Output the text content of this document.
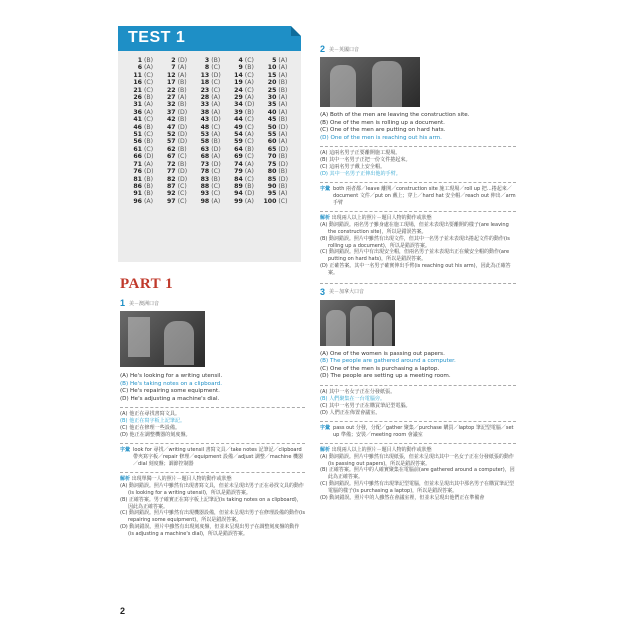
TEST 1
1 (B)	2 (D)	3 (B)	4 (C)	5 (A)
6 (A)	7 (A)	8 (C)	9 (B)	10 (A)
11 (C)	12 (A)	13 (D)	14 (C)	15 (A)
16 (C)	17 (B)	18 (C)	19 (A)	20 (B)
21 (C)	22 (B)	23 (C)	24 (C)	25 (B)
26 (B)	27 (A)	28 (A)	29 (A)	30 (A)
31 (A)	32 (B)	33 (A)	34 (D)	35 (A)
36 (A)	37 (D)	38 (A)	39 (B)	40 (A)
41 (C)	42 (B)	43 (D)	44 (C)	45 (B)
46 (B)	47 (D)	48 (C)	49 (C)	50 (D)
51 (C)	52 (D)	53 (A)	54 (A)	55 (A)
56 (B)	57 (D)	58 (B)	59 (C)	60 (A)
61 (C)	62 (B)	63 (D)	64 (B)	65 (D)
66 (D)	67 (C)	68 (A)	69 (C)	70 (B)
71 (A)	72 (B)	73 (D)	74 (A)	75 (D)
76 (D)	77 (D)	78 (C)	79 (A)	80 (B)
81 (B)	82 (D)	83 (B)	84 (C)	85 (D)
86 (B)	87 (C)	88 (C)	89 (B)	90 (B)
91 (B)	92 (C)	93 (C)	94 (D)	95 (A)
96 (A)	97 (C)	98 (A)	99 (A) 100 (C)
PART 1
1 美－澳洲口音
(A) He's looking for a writing utensil.
(B) He's taking notes on a clipboard.
(C) He's repairing some equipment.
(D) He's adjusting a machine's dial.
(A) 他正在尋找書寫文具。
(B) 他正在寫字板上記筆記。
(C) 他正在修理一些設備。
(D) 他正在調整機器的刻度盤。
字彙 look for 尋找／writing utensil 書寫文具／take notes 記筆記／clipboard 帶夾寫字板／repair 修理／equipment 設備／adjust 調整／machine 機器／dial 刻度盤；調節控制器
解析 出現單獨一人的照片－題目人物的動作或狀態
(A) 動詞錯誤。照片中雖然有出現書寫文具，但並未呈現出男子正在尋找文具的動作(is looking for a writing utensil)，所以是錯誤答案。
(B) 正確答案。男子確實正在寫字板上記筆記(is taking notes on a clipboard)，因此為正確答案。
(C) 動詞錯誤。照片中雖然有出現機器設備，但並未呈現出男子在修理設備的動作(is repairing some equipment)，所以是錯誤答案。
(D) 動詞錯誤。照片中雖然有出現刻度盤，但並未呈現出男子在調整刻度盤的動作(is adjusting a machine's dial)，所以是錯誤答案。
2 美－英國口音
(A) Both of the men are leaving the construction site.
(B) One of the men is rolling up a document.
(C) One of the men are putting on hard hats.
(D) One of the men is reaching out his arm.
(A) 這兩名男子正要離開施工現場。
(B) 其中一名男子正把一份文件捲起來。
(C) 這兩名男子戴上安全帽。
(D) 其中一名男子正伸出他的手臂。
字彙 both 兩者都／leave 離開／construction site 施工現場／roll up 把…捲起來／document 文件／put on 戴上；穿上／hard hat 安全帽／reach out 伸出／arm 手臂
解析 出現兩人以上的照片－題目人物的動作或狀態
(A) 動詞錯誤。兩名男子雖身處在施工現場，但並未表現出要離開的樣子(are leaving the construction site)，所以是錯誤答案。
(B) 動詞錯誤。照片中雖然有出現文件，但其中一名男子並未表現出捲起文件的動作(is rolling up a document)，所以是錯誤答案。
(C) 動詞錯誤。照片中有出現安全帽，但兩名男子並未表現出正在戴安全帽的動作(are putting on hard hats)，所以是錯誤答案。
(D) 正確答案。其中一名男子確實伸出手臂(is reaching out his arm)，因此為正確答案。
3 美－加拿大口音
(A) One of the women is passing out papers.
(B) The people are gathered around a computer.
(C) One of the men is purchasing a laptop.
(D) The people are setting up a meeting room.
(A) 其中一名女子正在分發紙張。
(B) 人們聚集在一台電腦旁。
(C) 其中一名男子正在購買筆記型電腦。
(D) 人們正在佈置會議室。
字彙 pass out 分發，分配／gather 聚集／purchase 購買／laptop 筆記型電腦／set up 準備；安裝／meeting room 會議室
解析 出現兩人以上的照片－題目人物的動作或狀態
(A) 動詞錯誤。照片中雖然有出現紙張，但並未呈現出其中一名女子正在分發紙張的動作(is passing out papers)，所以是錯誤答案。
(B) 正確答案。照片中的人確實聚集在電腦前(are gathered around a computer)，因此為正確答案。
(C) 動詞錯誤。照片中雖然有出現筆記型電腦，但並未呈現出其中那名男子在購買筆記型電腦的樣子(is purchasing a laptop)，所以是錯誤答案。
(D) 動詞錯誤。照片中的人雖然在會議室裡，但並未呈現出他們正在準備會
2
